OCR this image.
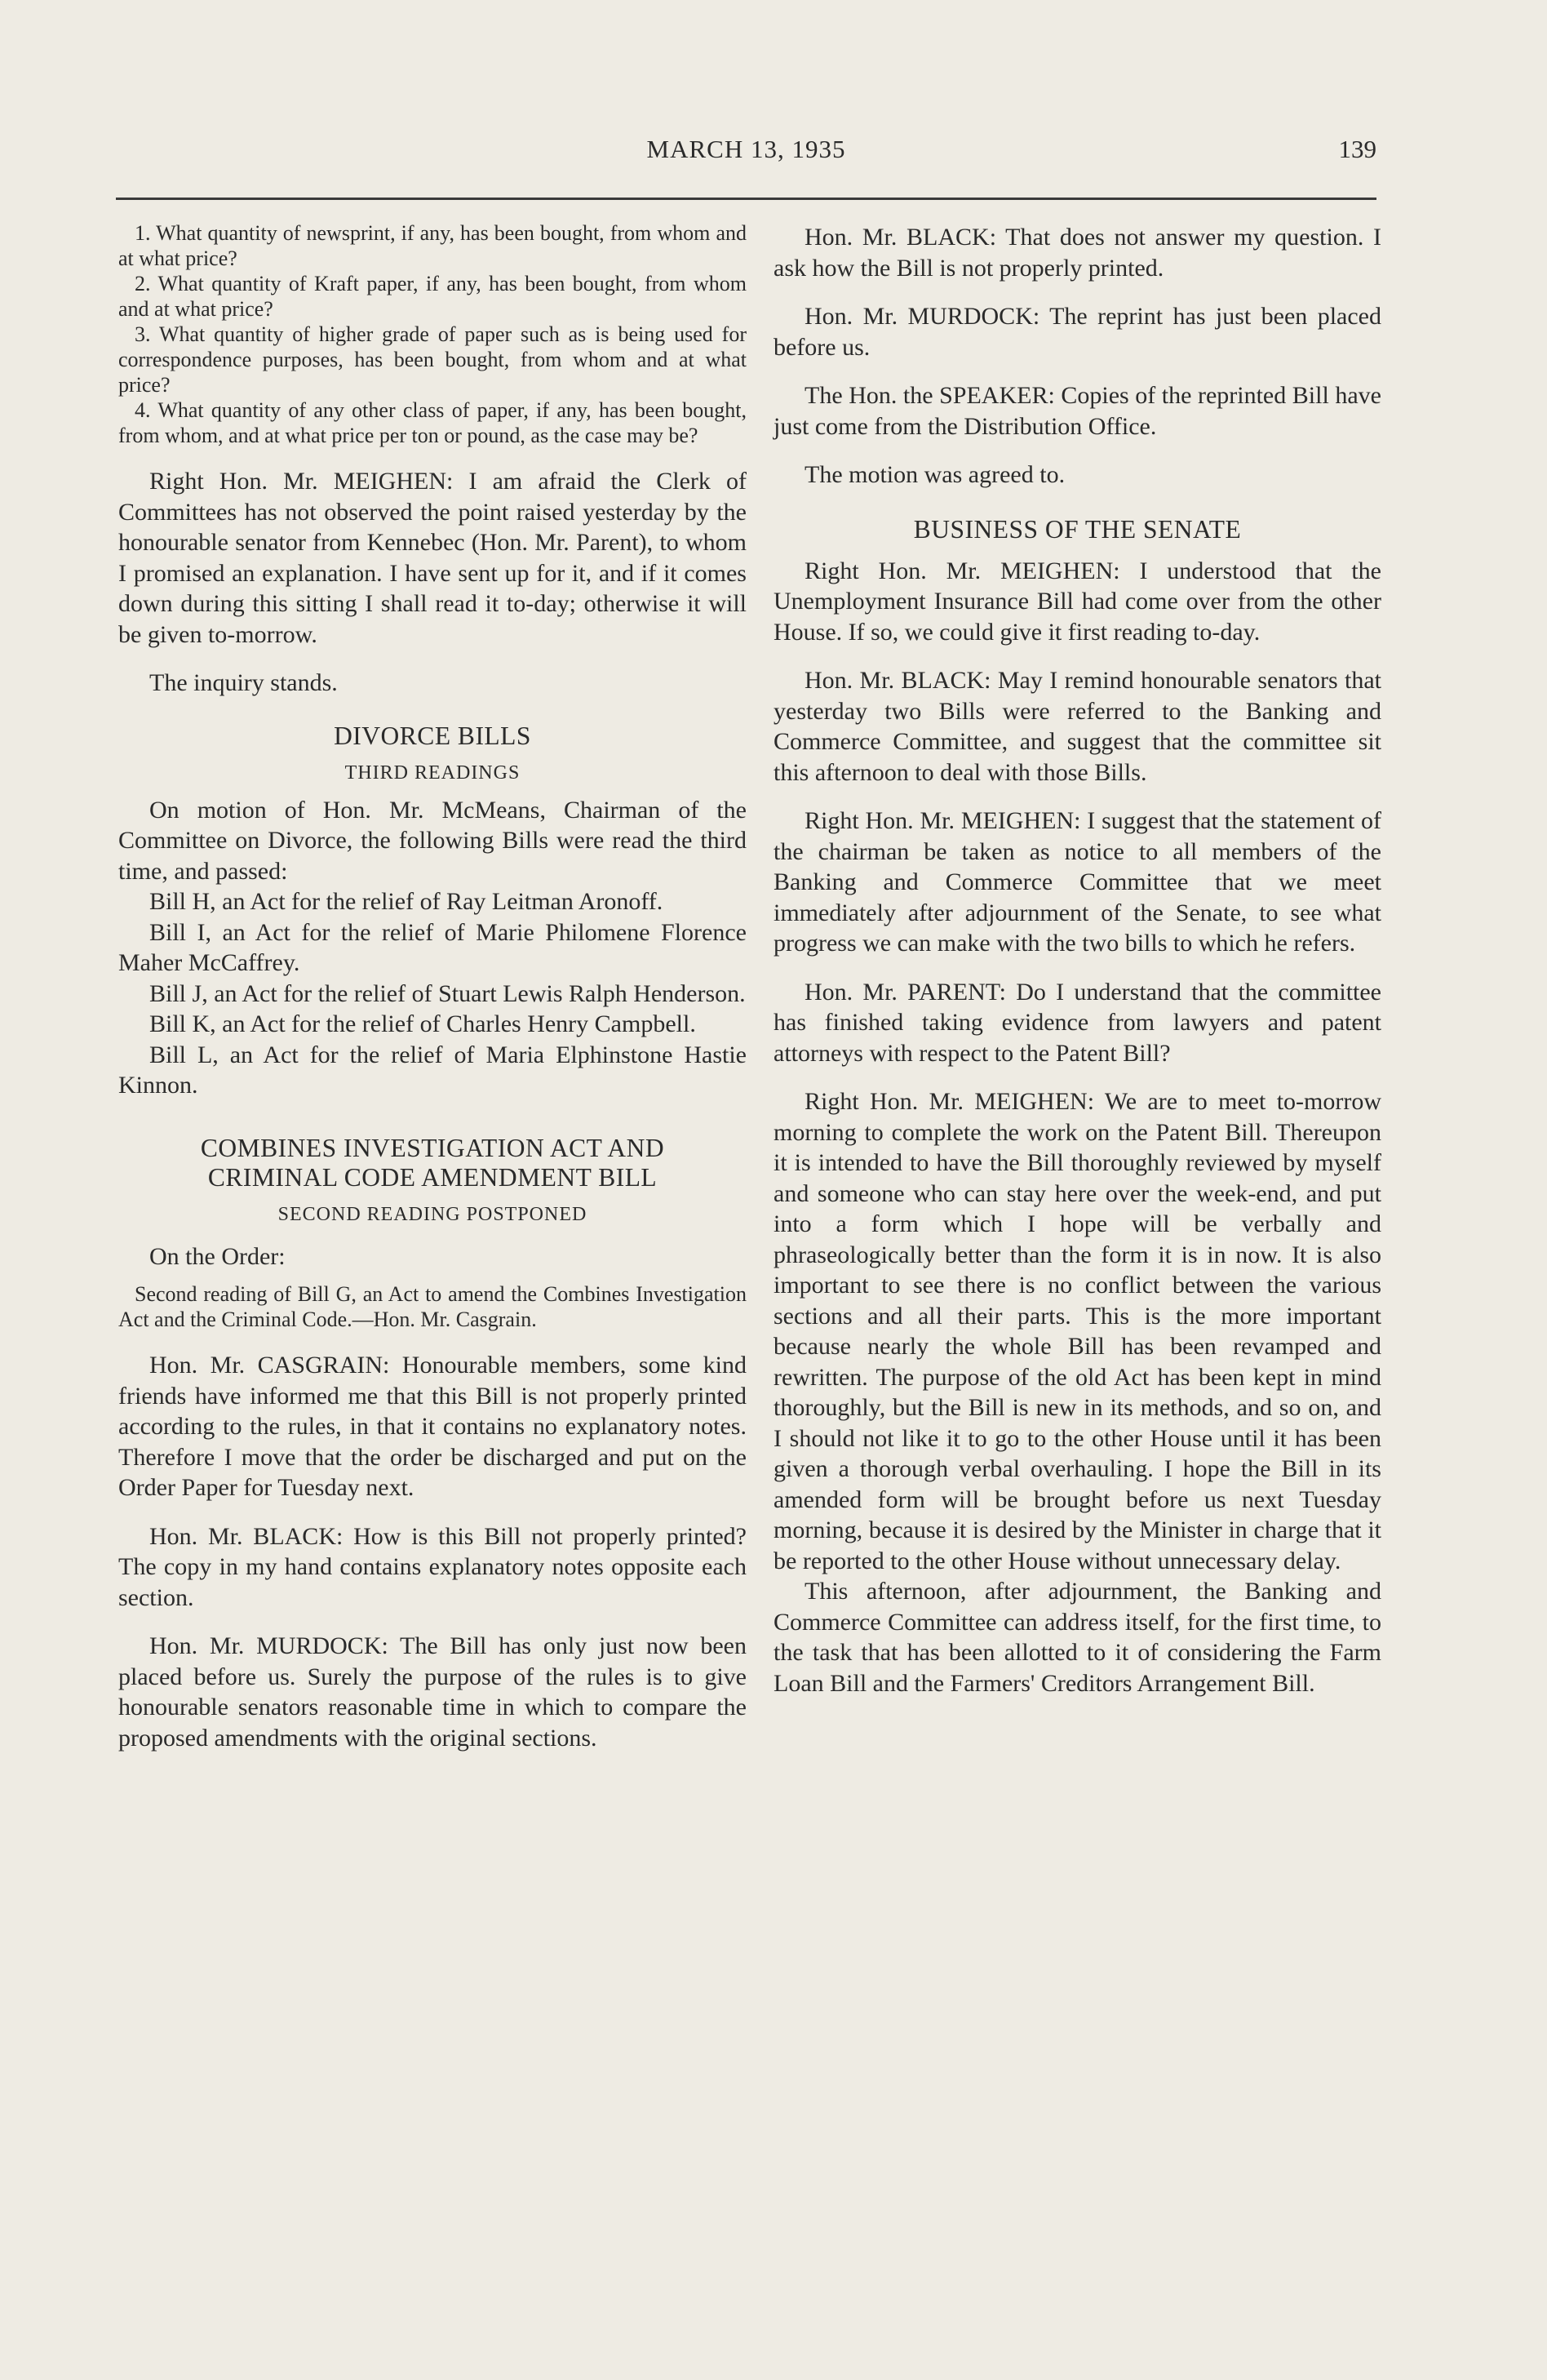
MARCH 13, 1935	139

1. What quantity of newsprint, if any, has been bought, from whom and at what price?

2. What quantity of Kraft paper, if any, has been bought, from whom and at what price?

3. What quantity of higher grade of paper such as is being used for correspondence purposes, has been bought, from whom and at what price?

4. What quantity of any other class of paper, if any, has been bought, from whom, and at what price per ton or pound, as the case may be?

Right Hon. Mr. MEIGHEN: I am afraid the Clerk of Committees has not observed the point raised yesterday by the honourable senator from Kennebec (Hon. Mr. Parent), to whom I promised an explanation. I have sent up for it, and if it comes down during this sitting I shall read it to-day; otherwise it will be given to-morrow.

The inquiry stands.

DIVORCE BILLS
THIRD READINGS

On motion of Hon. Mr. McMeans, Chairman of the Committee on Divorce, the following Bills were read the third time, and passed:

Bill H, an Act for the relief of Ray Leitman Aronoff.

Bill I, an Act for the relief of Marie Philomene Florence Maher McCaffrey.

Bill J, an Act for the relief of Stuart Lewis Ralph Henderson.

Bill K, an Act for the relief of Charles Henry Campbell.

Bill L, an Act for the relief of Maria Elphinstone Hastie Kinnon.

COMBINES INVESTIGATION ACT AND
CRIMINAL CODE AMENDMENT BILL
SECOND READING POSTPONED

On the Order:

Second reading of Bill G, an Act to amend the Combines Investigation Act and the Criminal Code.—Hon. Mr. Casgrain.

Hon. Mr. CASGRAIN: Honourable members, some kind friends have informed me that this Bill is not properly printed according to the rules, in that it contains no explanatory notes. Therefore I move that the order be discharged and put on the Order Paper for Tuesday next.

Hon. Mr. BLACK: How is this Bill not properly printed? The copy in my hand contains explanatory notes opposite each section.

Hon. Mr. MURDOCK: The Bill has only just now been placed before us. Surely the purpose of the rules is to give honourable senators reasonable time in which to compare the proposed amendments with the original sections.

Hon. Mr. BLACK: That does not answer my question. I ask how the Bill is not properly printed.

Hon. Mr. MURDOCK: The reprint has just been placed before us.

The Hon. the SPEAKER: Copies of the reprinted Bill have just come from the Distribution Office.

The motion was agreed to.

BUSINESS OF THE SENATE

Right Hon. Mr. MEIGHEN: I understood that the Unemployment Insurance Bill had come over from the other House. If so, we could give it first reading to-day.

Hon. Mr. BLACK: May I remind honourable senators that yesterday two Bills were referred to the Banking and Commerce Committee, and suggest that the committee sit this afternoon to deal with those Bills.

Right Hon. Mr. MEIGHEN: I suggest that the statement of the chairman be taken as notice to all members of the Banking and Commerce Committee that we meet immediately after adjournment of the Senate, to see what progress we can make with the two bills to which he refers.

Hon. Mr. PARENT: Do I understand that the committee has finished taking evidence from lawyers and patent attorneys with respect to the Patent Bill?

Right Hon. Mr. MEIGHEN: We are to meet to-morrow morning to complete the work on the Patent Bill. Thereupon it is intended to have the Bill thoroughly reviewed by myself and someone who can stay here over the week-end, and put into a form which I hope will be verbally and phraseologically better than the form it is in now. It is also important to see there is no conflict between the various sections and all their parts. This is the more important because nearly the whole Bill has been revamped and rewritten. The purpose of the old Act has been kept in mind thoroughly, but the Bill is new in its methods, and so on, and I should not like it to go to the other House until it has been given a thorough verbal overhauling. I hope the Bill in its amended form will be brought before us next Tuesday morning, because it is desired by the Minister in charge that it be reported to the other House without unnecessary delay.

This afternoon, after adjournment, the Banking and Commerce Committee can address itself, for the first time, to the task that has been allotted to it of considering the Farm Loan Bill and the Farmers' Creditors Arrangement Bill.
